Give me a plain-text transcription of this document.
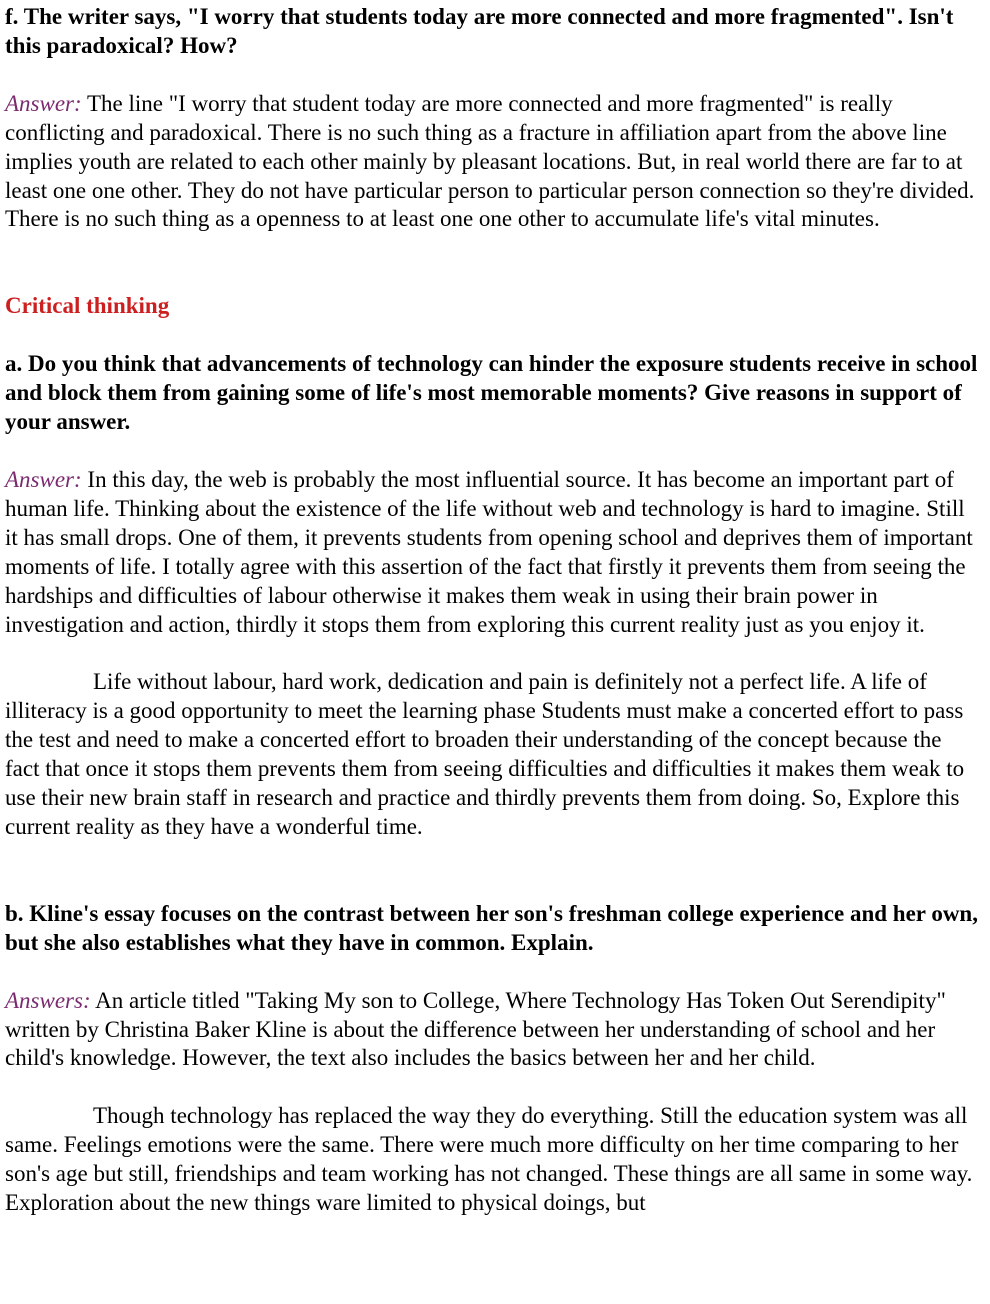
f. The writer says, "I worry that students today are more connected and more fragmented". Isn't this paradoxical? How?

Answer: The line "I worry that student today are more connected and more fragmented" is really conflicting and paradoxical. There is no such thing as a fracture in affiliation apart from the above line implies youth are related to each other mainly by pleasant locations. But, in real world there are far to at least one one other. They do not have particular person to particular person connection so they're divided. There is no such thing as a openness to at least one one other to accumulate life's vital minutes.

Critical thinking

a. Do you think that advancements of technology can hinder the exposure students receive in school and block them from gaining some of life's most memorable moments? Give reasons in support of your answer.

Answer: In this day, the web is probably the most influential source. It has become an important part of human life. Thinking about the existence of the life without web and technology is hard to imagine. Still it has small drops. One of them, it prevents students from opening school and deprives them of important moments of life. I totally agree with this assertion of the fact that firstly it prevents them from seeing the hardships and difficulties of labour otherwise it makes them weak in using their brain power in investigation and action, thirdly it stops them from exploring this current reality just as you enjoy it.

Life without labour, hard work, dedication and pain is definitely not a perfect life. A life of illiteracy is a good opportunity to meet the learning phase Students must make a concerted effort to pass the test and need to make a concerted effort to broaden their understanding of the concept because the fact that once it stops them prevents them from seeing difficulties and difficulties it makes them weak to use their new brain staff in research and practice and thirdly prevents them from doing. So, Explore this current reality as they have a wonderful time.

b. Kline's essay focuses on the contrast between her son's freshman college experience and her own, but she also establishes what they have in common. Explain.

Answers: An article titled "Taking My son to College, Where Technology Has Token Out Serendipity" written by Christina Baker Kline is about the difference between her understanding of school and her child's knowledge. However, the text also includes the basics between her and her child.

Though technology has replaced the way they do everything. Still the education system was all same. Feelings emotions were the same. There were much more difficulty on her time comparing to her son's age but still, friendships and team working has not changed. These things are all same in some way. Exploration about the new things ware limited to physical doings, but
